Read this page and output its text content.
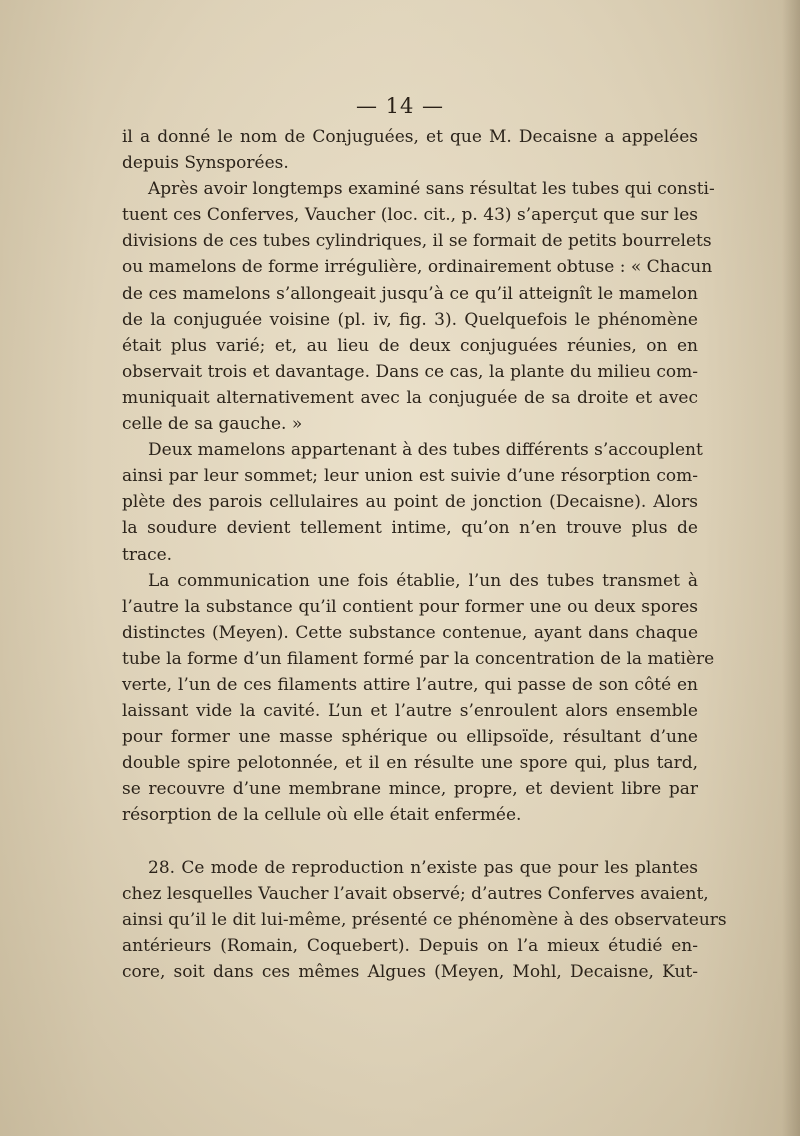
— 14 —
il a donné le nom de Conjuguées, et que M. Decaisne a appelées
depuis Synsporées.
Après avoir longtemps examiné sans résultat les tubes qui consti-
tuent ces Conferves, Vaucher (loc. cit., p. 43) s’aperçut que sur les
divisions de ces tubes cylindriques, il se formait de petits bourrelets
ou mamelons de forme irrégulière, ordinairement obtuse : « Chacun
de ces mamelons s’allongeait jusqu’à ce qu’il atteignît le mamelon
de la conjuguée voisine (pl. iv, fig. 3). Quelquefois le phénomène
était plus varié; et, au lieu de deux conjuguées réunies, on en
observait trois et davantage. Dans ce cas, la plante du milieu com-
muniquait alternativement avec la conjuguée de sa droite et avec
celle de sa gauche. »
Deux mamelons appartenant à des tubes différents s’accouplent
ainsi par leur sommet; leur union est suivie d’une résorption com-
plète des parois cellulaires au point de jonction (Decaisne). Alors
la soudure devient tellement intime, qu’on n’en trouve plus de
trace.
La communication une fois établie, l’un des tubes transmet à
l’autre la substance qu’il contient pour former une ou deux spores
distinctes (Meyen). Cette substance contenue, ayant dans chaque
tube la forme d’un filament formé par la concentration de la matière
verte, l’un de ces filaments attire l’autre, qui passe de son côté en
laissant vide la cavité. L’un et l’autre s’enroulent alors ensemble
pour former une masse sphérique ou ellipsoïde, résultant d’une
double spire pelotonnée, et il en résulte une spore qui, plus tard,
se recouvre d’une membrane mince, propre, et devient libre par
résorption de la cellule où elle était enfermée.
28. Ce mode de reproduction n’existe pas que pour les plantes
chez lesquelles Vaucher l’avait observé; d’autres Conferves avaient,
ainsi qu’il le dit lui-même, présenté ce phénomène à des observateurs
antérieurs (Romain, Coquebert). Depuis on l’a mieux étudié en-
core, soit dans ces mêmes Algues (Meyen, Mohl, Decaisne, Kut-
